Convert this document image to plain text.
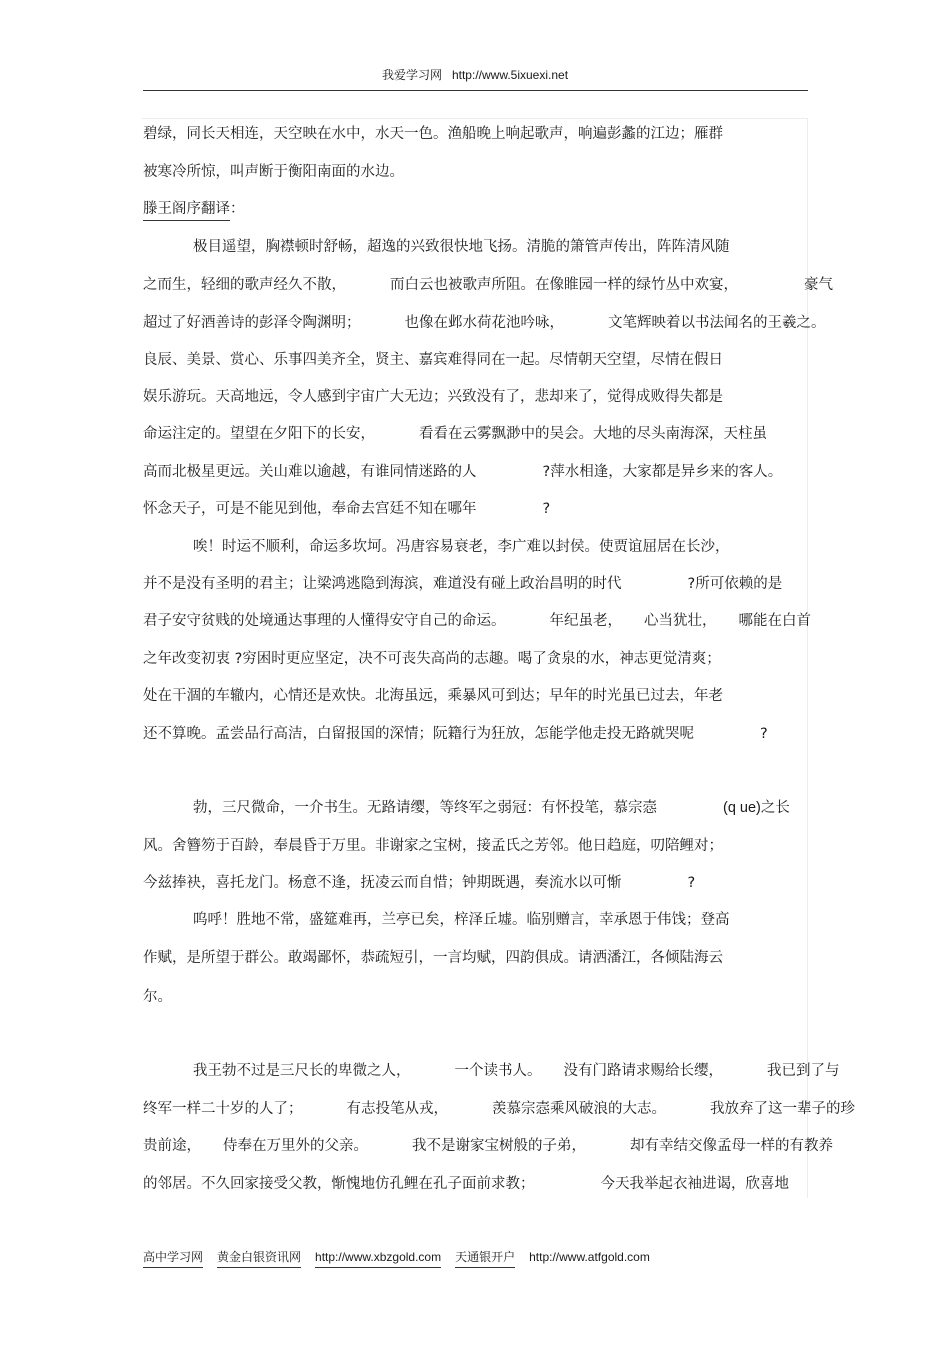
我爱学习网 http://www.5ixuexi.net
碧绿，同长天相连，天空映在水中，水天一色。渔船晚上响起歌声，响遍彭蠡的江边；雁群
被寒冷所惊，叫声断于衡阳南面的水边。
滕王阁序翻译：
极目遥望，胸襟顿时舒畅，超逸的兴致很快地飞扬。清脆的箫管声传出，阵阵清风随
之而生，轻细的歌声经久不散，	而白云也被歌声所阻。在像睢园一样的绿竹丛中欢宴，	豪气
超过了好酒善诗的彭泽令陶渊明；	也像在邺水荷花池吟咏，	文笔辉映着以书法闻名的王羲之。
良辰、美景、赏心、乐事四美齐全，贤主、嘉宾难得同在一起。尽情朝天空望，尽情在假日
娱乐游玩。天高地远，令人感到宇宙广大无边；兴致没有了，悲却来了，觉得成败得失都是
命运注定的。望望在夕阳下的长安，	看看在云雾飘渺中的吴会。大地的尽头南海深，天柱虽
高而北极星更远。关山难以逾越，有谁同情迷路的人	?萍水相逢，大家都是异乡来的客人。
怀念天子，可是不能见到他，奉命去宫廷不知在哪年	?
唉！时运不顺利，命运多坎坷。冯唐容易衰老，李广难以封侯。使贾谊屈居在长沙，
并不是没有圣明的君主；让梁鸿逃隐到海滨，难道没有碰上政治昌明的时代	?所可依赖的是
君子安守贫贱的处境通达事理的人懂得安守自己的命运。	年纪虽老， 心当犹壮， 哪能在白首
之年改变初衷 ?穷困时更应坚定，决不可丧失高尚的志趣。喝了贪泉的水，神志更觉清爽；
处在干涸的车辙内，心情还是欢快。北海虽远，乘暴风可到达；早年的时光虽已过去，年老
还不算晚。孟尝品行高洁，白留报国的深情；阮籍行为狂放，怎能学他走投无路就哭呢	?
勃，三尺微命，一介书生。无路请缨，等终军之弱冠：有怀投笔，慕宗悫	(q ue)之长
风。舍簪笏于百龄，奉晨昏于万里。非谢家之宝树，接孟氏之芳邻。他日趋庭，叨陪鲤对；
今兹捧袂，喜托龙门。杨意不逢，抚凌云而自惜；钟期既遇，奏流水以可惭	?
呜呼！胜地不常，盛筵难再，兰亭已矣，梓泽丘墟。临别赠言，幸承恩于伟饯；登高
作赋，是所望于群公。敢竭鄙怀，恭疏短引，一言均赋，四韵俱成。请洒潘江，各倾陆海云
尔。
我王勃不过是三尺长的卑微之人，	一个读书人。 没有门路请求赐给长缨，	我已到了与
终军一样二十岁的人了；	有志投笔从戎，	羡慕宗悫乘风破浪的大志。	我放弃了这一辈子的珍
贵前途， 侍奉在万里外的父亲。	我不是谢家宝树般的子弟，	却有幸结交像孟母一样的有教养
的邻居。不久回家接受父教，惭愧地仿孔鲤在孔子面前求教；	今天我举起衣袖进谒，欣喜地
高中学习网 黄金白银资讯网 http://www.xbzgold.com 天通银开户 http://www.atfgold.com
